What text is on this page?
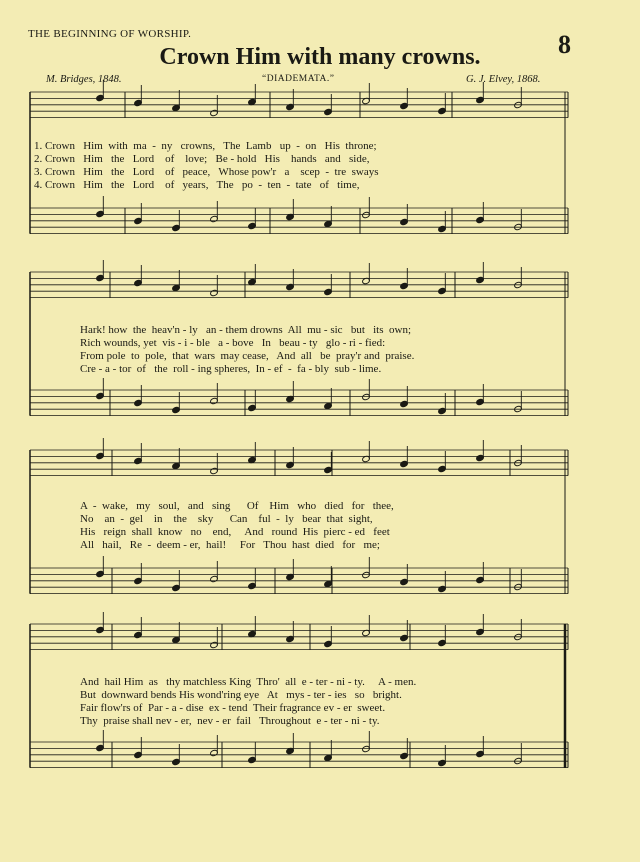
THE BEGINNING OF WORSHIP.	8
Crown Him with many crowns.
M. Bridges, 1848.	“DIADEMATA.”	G. J. Elvey, 1868.
1. Crown   Him  with  ma  -  ny   crowns,   The  Lamb   up  -  on   His  throne;
2. Crown   Him   the   Lord    of    love;   Be - hold   His    hands   and   side,
3. Crown   Him   the   Lord    of   peace,   Whose pow'r   a    scep  -  tre  sways
4. Crown   Him   the   Lord    of   years,   The   po  -  ten  -  tate   of   time,
Hark! how  the  heav'n - ly   an - them drowns  All  mu - sic   but   its  own;
Rich wounds, yet  vis - i - ble   a - bove   In   beau - ty   glo - ri - fied:
From pole  to  pole,  that  wars  may cease,   And  all   be  pray'r and  praise.
Cre - a - tor  of   the  roll - ing spheres,  In - ef  -  fa - bly  sub - lime.
A  -  wake,   my   soul,   and   sing      Of    Him   who   died   for   thee,
No    an  -  gel    in    the    sky      Can    ful  -  ly   bear  that  sight,
His   reign  shall  know   no    end,     And   round  His  pierc - ed   feet
All   hail,   Re  -  deem - er,  hail!     For   Thou  hast  died   for   me;
And  hail Him  as   thy matchless King  Thro'  all  e - ter - ni - ty.     A - men.
But  downward bends His wond'ring eye   At   mys - ter - ies   so   bright.
Fair flow'rs of  Par - a - dise  ex - tend  Their fragrance ev - er  sweet.
Thy  praise shall nev - er,  nev - er  fail   Throughout  e - ter - ni - ty.
